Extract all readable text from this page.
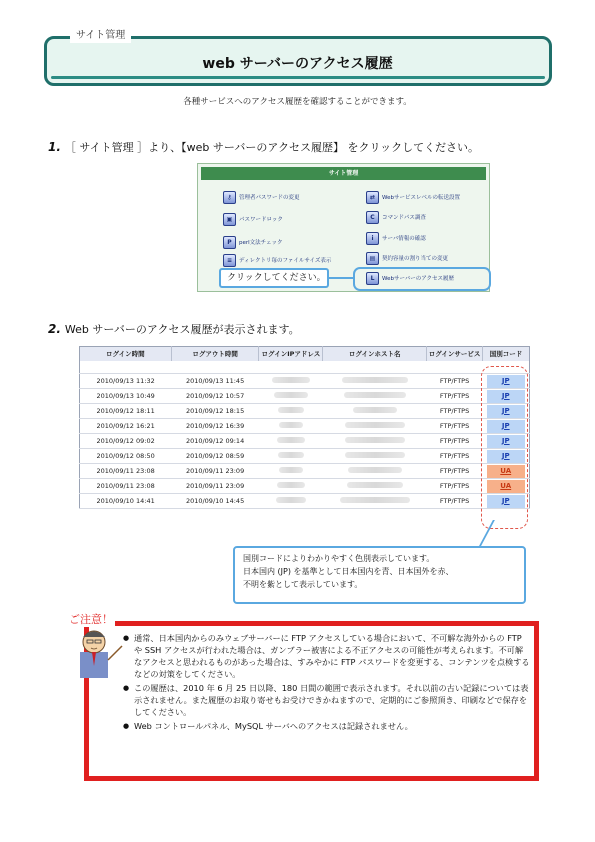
サイト管理
web サーバーのアクセス履歴
各種サービスへのアクセス履歴を確認することができます。
1. ［ サイト管理 ］より、【web サーバーのアクセス履歴】 をクリックしてください。
サイト管理
⚷	管理者パスワードの変更
▣	パスワードロック
P	perl文法チェック
≡	ディレクトリ毎のファイルサイズ表示
⇄	Webサービスレベルの転送設置
C	コマンドパス調査
i	サーバ情報の確認
▤	契約容量の割り当ての変更
L	Webサーバーのアクセス履歴
クリックしてください。
2. Web サーバーのアクセス履歴が表示されます。
ログイン時間	ログアウト時間	ログインIPアドレス	ログインホスト名	ログインサービス	国別コード

2010/09/13 11:32	2010/09/13 11:45			FTP/FTPS	JP
2010/09/13 10:49	2010/09/12 10:57			FTP/FTPS	JP
2010/09/12 18:11	2010/09/12 18:15			FTP/FTPS	JP
2010/09/12 16:21	2010/09/12 16:39			FTP/FTPS	JP
2010/09/12 09:02	2010/09/12 09:14			FTP/FTPS	JP
2010/09/12 08:50	2010/09/12 08:59			FTP/FTPS	JP
2010/09/11 23:08	2010/09/11 23:09			FTP/FTPS	UA
2010/09/11 23:08	2010/09/11 23:09			FTP/FTPS	UA
2010/09/10 14:41	2010/09/10 14:45			FTP/FTPS	JP
国別コードによりわかりやすく色別表示しています。
日本国内 (JP) を基準として日本国内を青、日本国外を赤、
不明を紫として表示しています。
ご注意！
● 通常、日本国内からのみウェブサーバーに FTP アクセスしている場合において、不可解な海外からの FTP や SSH アクセスが行われた場合は、ガンブラー被害による不正アクセスの可能性が考えられます。不可解なアクセスと思われるものがあった場合は、すみやかに FTP パスワードを変更する、コンテンツを点検するなどの対策をしてください。
● この履歴は、2010 年 6 月 25 日以降、180 日間の範囲で表示されます。それ以前の古い記録については表示されません。また履歴のお取り寄せもお受けできかねますので、定期的にご参照頂き、印刷などで保存をしてください。
● Web コントロールパネル、MySQL サーバへのアクセスは記録されません。
